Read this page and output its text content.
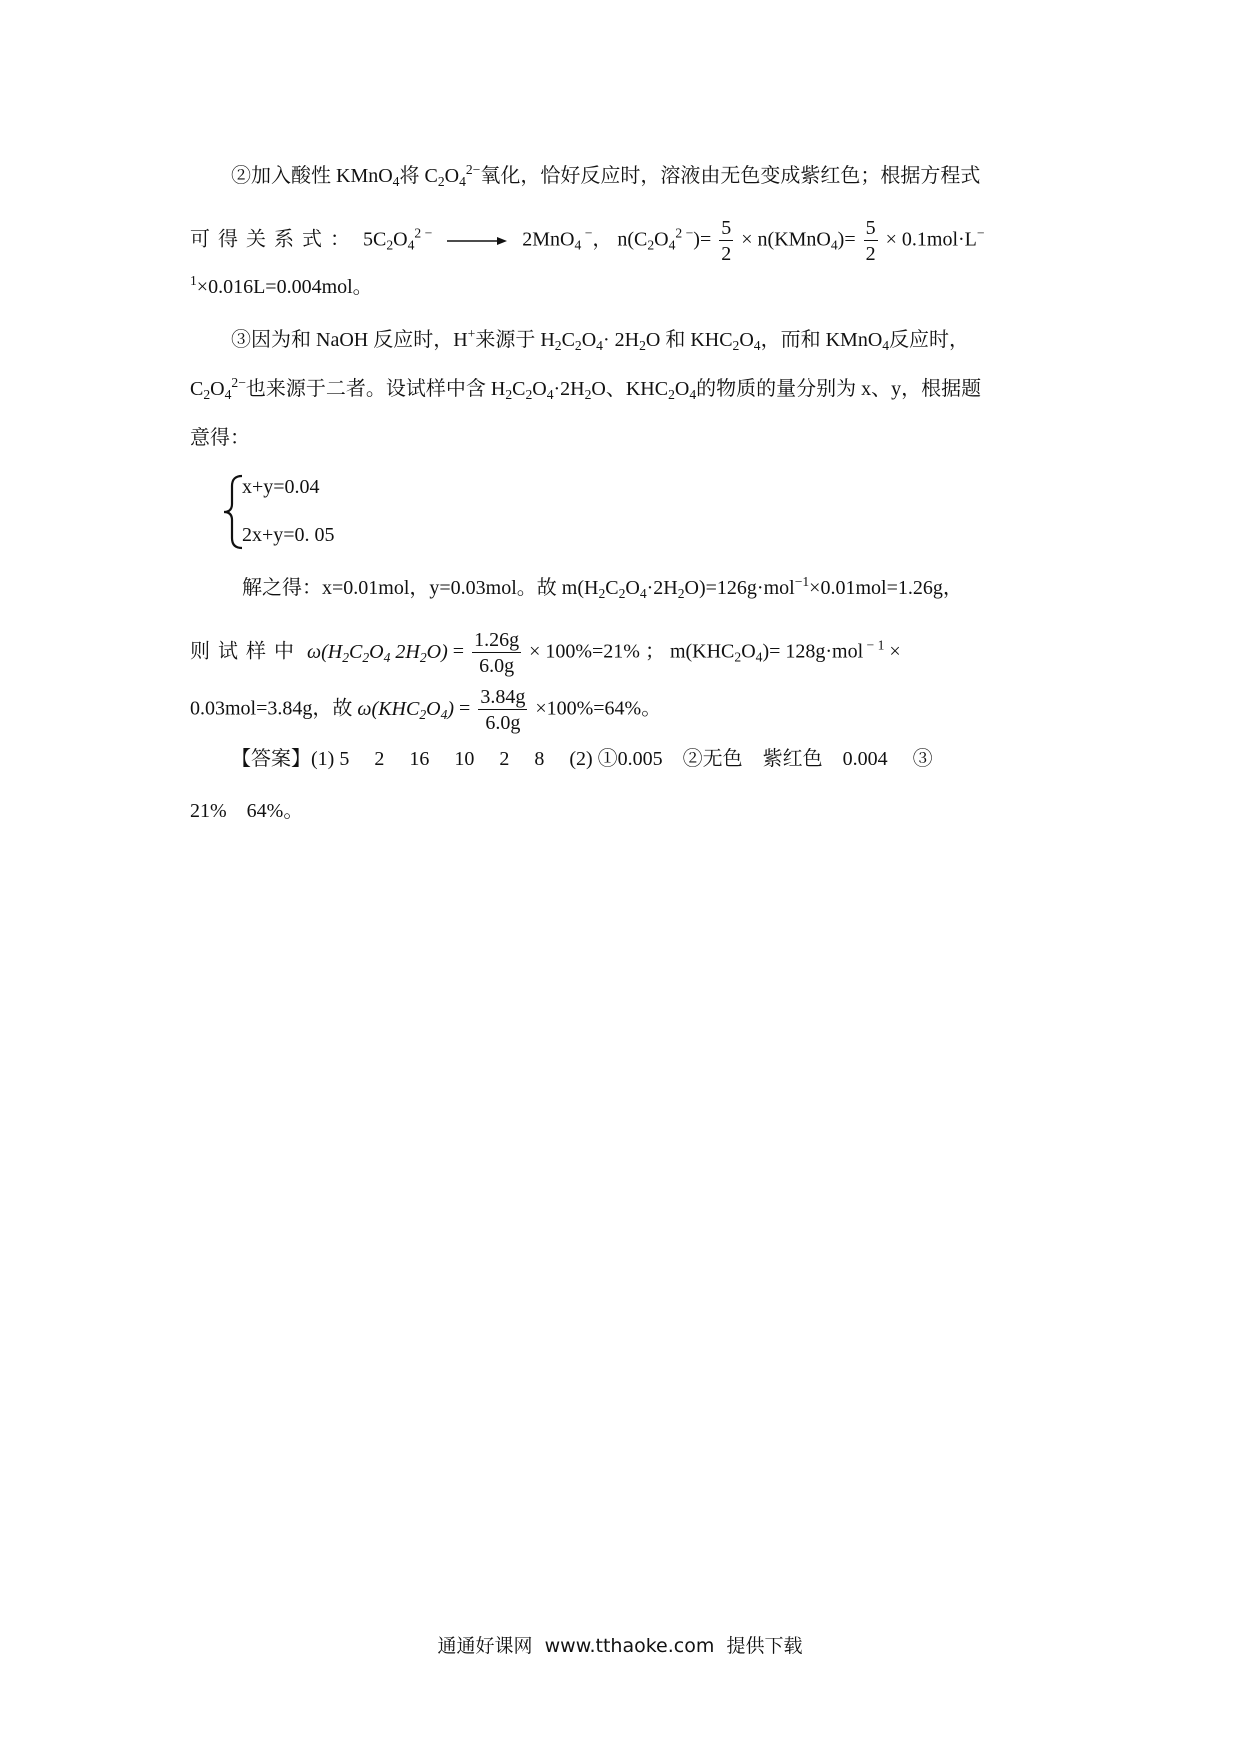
②加入酸性 KMnO$_4$将 $C_2O_4^{2-}$氧化，恰好反应时，溶液由无色变成紫红色；根据方程式
可得关系式： $5C_2O_4^{2 -}$	2MnO$_4$ −， $n(C_2O_4^{2 -})= \frac{5}{2}$ × n(KMnO$_4$)= $\frac{5}{2} \times 0.1mol\cdot L^-$
$^1$×0.016L=0.004mol。
③因为和 NaOH 反应时，H+来源于 $H_2C_2O_4\cdot 2H_2O$ 和 $KHC_2O_4$，而和 KMnO$_4$反应时，
$C_2O_4^{2-}$也来源于二者。设试样中含 $H_2C_2O_4\cdot 2H_2O$、$KHC_2O_4$的物质的量分别为 x、y，根据题
意得：
x+y=0.04
2x+y=0. 05
解之得：x=0.01mol，y=0.03mol。故 $m(H_2C_2O_4\cdot 2H_2O)=126g\cdot mol^{-1}\times 0.01mol=1.26g$，
则试样中 $\omega(H_2C_2O_4$ $2H_2O) = \frac{1.26g}{6.0g} \times 100\%=21\%$ ； $m(KHC_2O_4)= 128g\cdot mol$ $^{- 1}$ ×
0.03mol=3.84g，故 $\omega(KHC_2O_4) = \frac{3.84g}{6.0g} \times 100\%=64\%$。
【答案】(1) 5     2     16     10     2     8     (2) ①0.005    ②无色    紫红色    0.004     ③
21%    64%。
通通好课网  www.tthaoke.com  提供下载
